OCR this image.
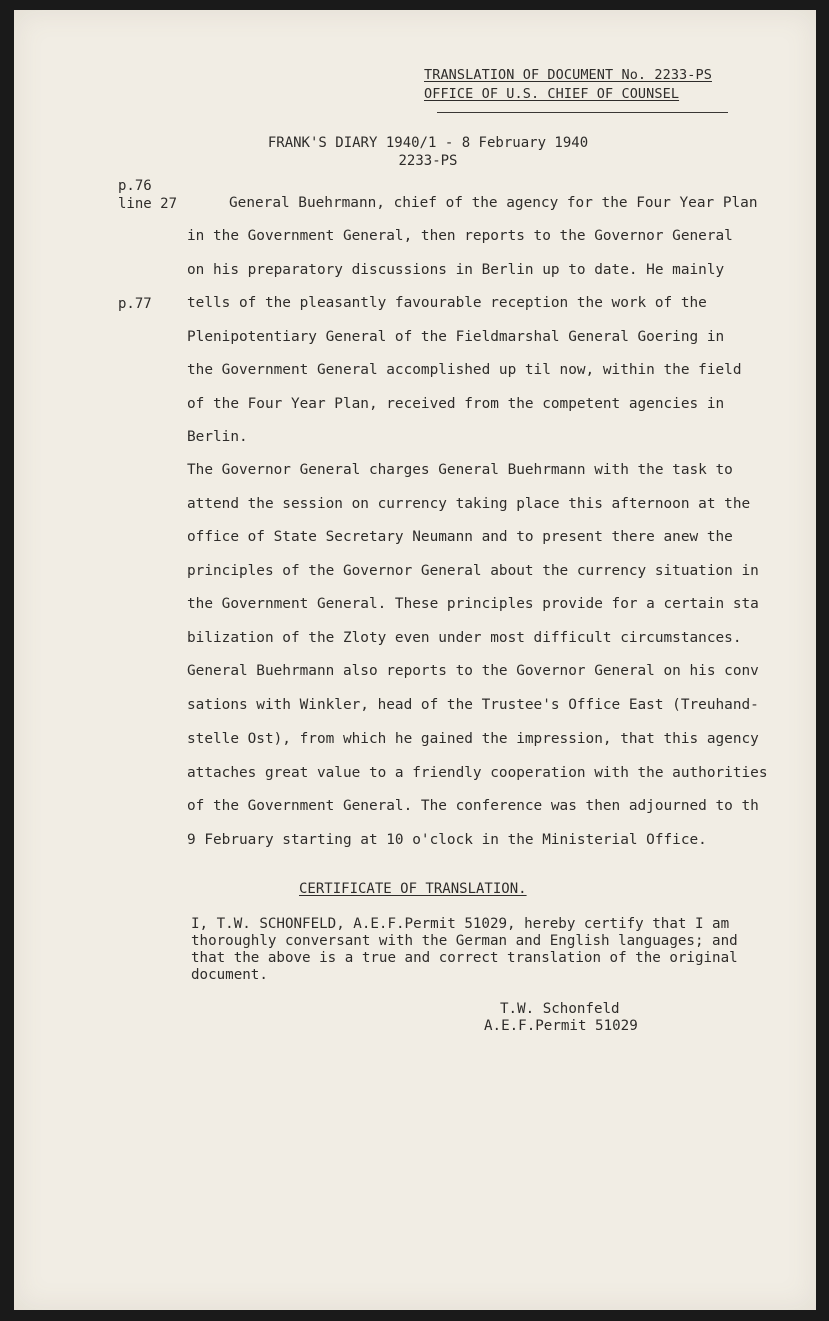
TRANSLATION OF DOCUMENT No. 2233-PS
OFFICE OF U.S. CHIEF OF COUNSEL
FRANK'S DIARY 1940/1 - 8 February 1940
2233-PS
p.76
line 27
p.77
General Buehrmann, chief of the agency for the Four Year Plan
in the Government General, then reports to the Governor General
on his preparatory discussions in Berlin up to date. He mainly
tells of the pleasantly favourable reception the work of the
Plenipotentiary General of the Fieldmarshal General Goering in
the Government General accomplished up til now, within the field
of the Four Year Plan, received from the competent agencies in
Berlin.
The Governor General charges General Buehrmann with the task to
attend the session on currency taking place this afternoon at the
office of State Secretary Neumann and to present there anew the
principles of the Governor General about the currency situation in
the Government General. These principles provide for a certain sta
bilization of the Zloty even under most difficult circumstances.
General Buehrmann also reports to the Governor General on his conv
sations with Winkler, head of the Trustee's Office East (Treuhand-
stelle Ost), from which he gained the impression, that this agency
attaches great value to a friendly cooperation with the authorities
of the Government General. The conference was then adjourned to th
9 February starting at 10 o'clock in the Ministerial Office.
CERTIFICATE OF TRANSLATION.
I, T.W. SCHONFELD, A.E.F.Permit 51029, hereby certify that I am
thoroughly conversant with the German and English languages; and
that the above is a true and correct translation of the original
document.
T.W. Schonfeld
A.E.F.Permit 51029
